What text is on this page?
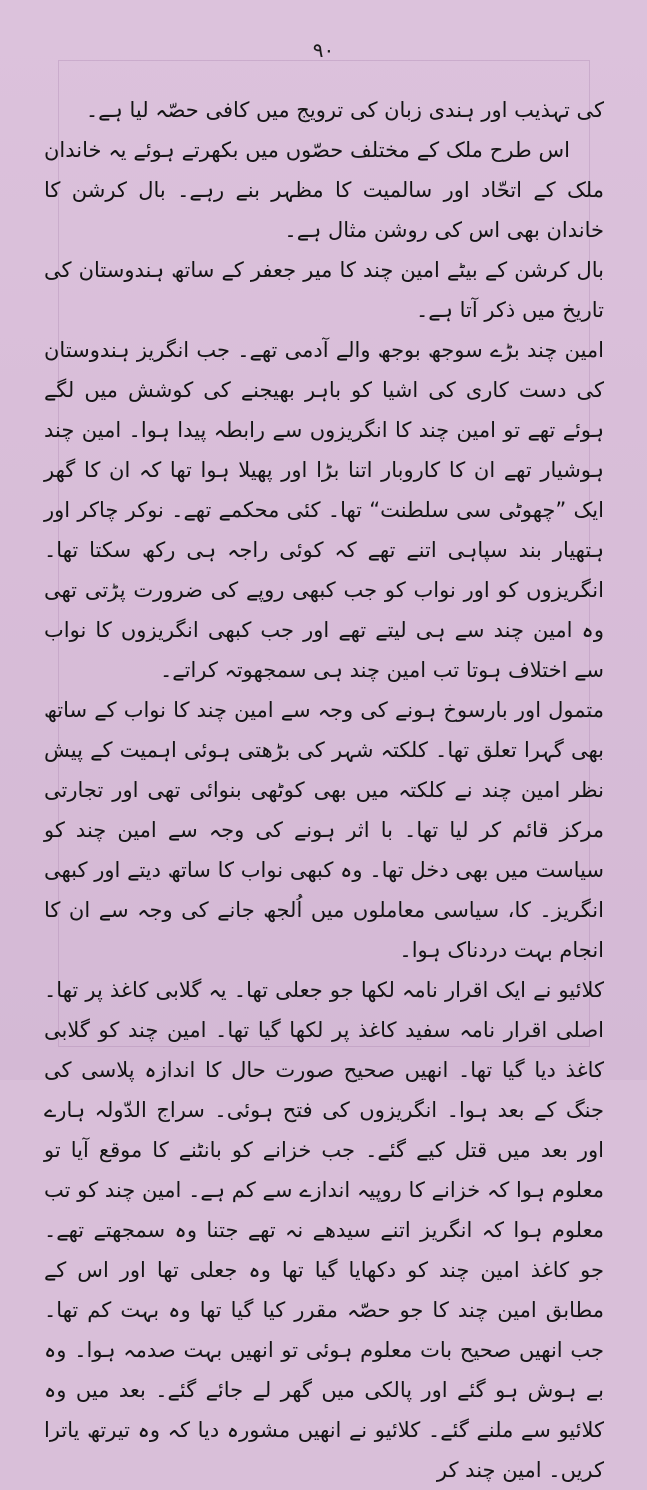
۹۰

کی تہذیب اور ہندی زبان کی ترویج میں کافی حصّہ لیا ہے۔

اس طرح ملک کے مختلف حصّوں میں بکھرتے ہوئے یہ خاندان ملک کے اتحّاد اور سالمیت کا مظہر بنے رہے۔ بال کرشن کا خاندان بھی اس کی روشن مثال ہے۔

بال کرشن کے بیٹے امین چند کا میر جعفر کے ساتھ ہندوستان کی تاریخ میں ذکر آتا ہے۔

امین چند بڑے سوجھ بوجھ والے آدمی تھے۔ جب انگریز ہندوستان کی دست کاری کی اشیا کو باہر بھیجنے کی کوشش میں لگے ہوئے تھے تو امین چند کا انگریزوں سے رابطہ پیدا ہوا۔ امین چند ہوشیار تھے ان کا کاروبار اتنا بڑا اور پھیلا ہوا تھا کہ ان کا گھر ایک ”چھوٹی سی سلطنت“ تھا۔ کئی محکمے تھے۔ نوکر چاکر اور ہتھیار بند سپاہی اتنے تھے کہ کوئی راجہ ہی رکھ سکتا تھا۔ انگریزوں کو اور نواب کو جب کبھی روپے کی ضرورت پڑتی تھی وہ امین چند سے ہی لیتے تھے اور جب کبھی انگریزوں کا نواب سے اختلاف ہوتا تب امین چند ہی سمجھوتہ کراتے۔

متمول اور بارسوخ ہونے کی وجہ سے امین چند کا نواب کے ساتھ بھی گہرا تعلق تھا۔ کلکتہ شہر کی بڑھتی ہوئی اہمیت کے پیش نظر امین چند نے کلکتہ میں بھی کوٹھی بنوائی تھی اور تجارتی مرکز قائم کر لیا تھا۔ با اثر ہونے کی وجہ سے امین چند کو سیاست میں بھی دخل تھا۔ وہ کبھی نواب کا ساتھ دیتے اور کبھی انگریز۔ کا، سیاسی معاملوں میں اُلجھ جانے کی وجہ سے ان کا انجام بہت دردناک ہوا۔

کلائیو نے ایک اقرار نامہ لکھا جو جعلی تھا۔ یہ گلابی کاغذ پر تھا۔ اصلی اقرار نامہ سفید کاغذ پر لکھا گیا تھا۔ امین چند کو گلابی کاغذ دیا گیا تھا۔ انھیں صحیح صورت حال کا اندازہ پلاسی کی جنگ کے بعد ہوا۔ انگریزوں کی فتح ہوئی۔ سراج الدّولہ ہارے اور بعد میں قتل کیے گئے۔ جب خزانے کو بانٹنے کا موقع آیا تو معلوم ہوا کہ خزانے کا روپیہ اندازے سے کم ہے۔ امین چند کو تب معلوم ہوا کہ انگریز اتنے سیدھے نہ تھے جتنا وہ سمجھتے تھے۔ جو کاغذ امین چند کو دکھایا گیا تھا وہ جعلی تھا اور اس کے مطابق امین چند کا جو حصّہ مقرر کیا گیا تھا وہ بہت کم تھا۔ جب انھیں صحیح بات معلوم ہوئی تو انھیں بہت صدمہ ہوا۔ وہ بے ہوش ہو گئے اور پالکی میں گھر لے جائے گئے۔ بعد میں وہ کلائیو سے ملنے گئے۔ کلائیو نے انھیں مشورہ دیا کہ وہ تیرتھ یاترا کریں۔ امین چند کر
